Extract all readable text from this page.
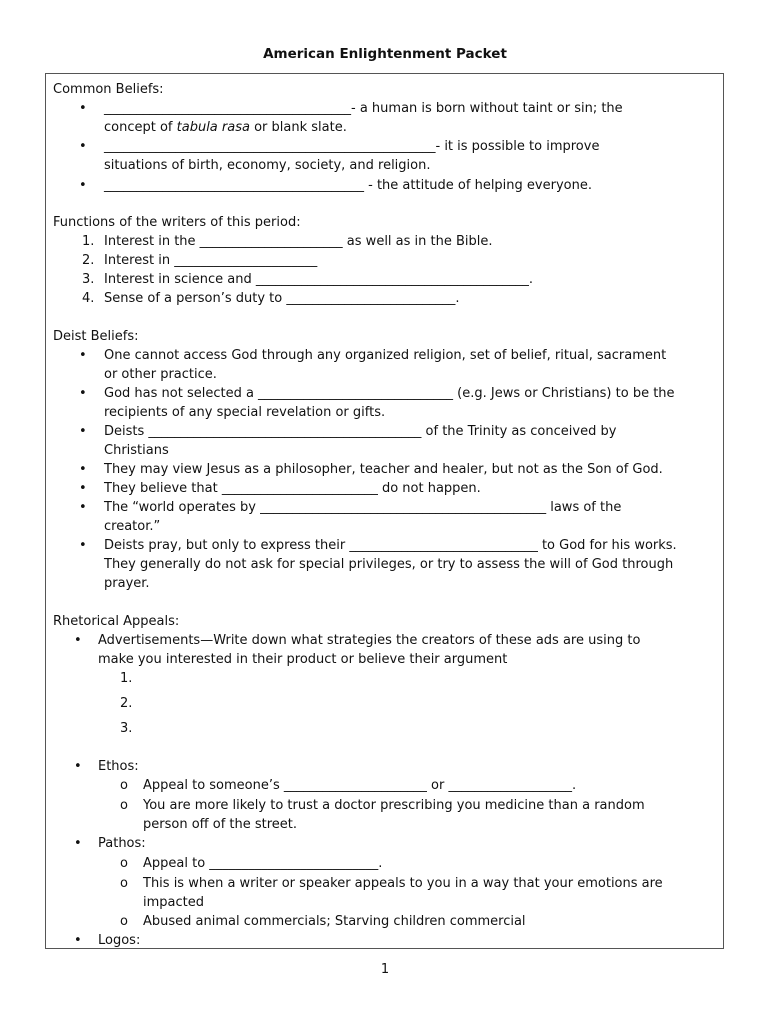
American Enlightenment Packet
Common Beliefs:
• ______________________________________- a human is born without taint or sin; the
concept of tabula rasa or blank slate.
• ___________________________________________________- it is possible to improve
situations of birth, economy, society, and religion.
• ________________________________________ - the attitude of helping everyone.
Functions of the writers of this period:
1. Interest in the ______________________ as well as in the Bible.
2. Interest in ______________________
3. Interest in science and __________________________________________.
4. Sense of a person’s duty to __________________________.
Deist Beliefs:
• One cannot access God through any organized religion, set of belief, ritual, sacrament
or other practice.
• God has not selected a ______________________________ (e.g. Jews or Christians) to be the
recipients of any special revelation or gifts.
• Deists __________________________________________ of the Trinity as conceived by
Christians
• They may view Jesus as a philosopher, teacher and healer, but not as the Son of God.
• They believe that ________________________ do not happen.
• The “world operates by ____________________________________________ laws of the
creator.”
• Deists pray, but only to express their _____________________________ to God for his works.
They generally do not ask for special privileges, or try to assess the will of God through
prayer.
Rhetorical Appeals:
• Advertisements—Write down what strategies the creators of these ads are using to
make you interested in their product or believe their argument
1.
2.
3.
• Ethos:
o Appeal to someone’s ______________________ or ___________________.
o You are more likely to trust a doctor prescribing you medicine than a random
person off of the street.
• Pathos:
o Appeal to __________________________.
o This is when a writer or speaker appeals to you in a way that your emotions are
impacted
o Abused animal commercials; Starving children commercial
• Logos:
1
